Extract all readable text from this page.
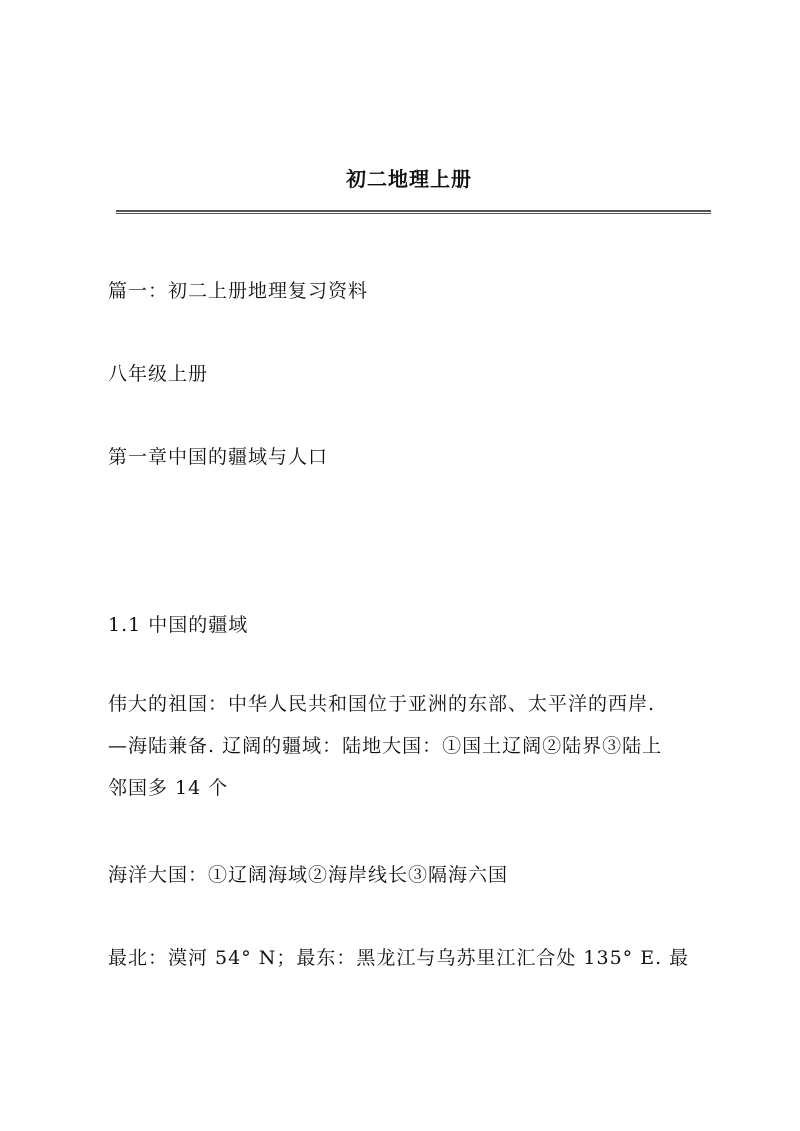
初二地理上册
篇一：初二上册地理复习资料
八年级上册
第一章中国的疆域与人口
1.1 中国的疆域
伟大的祖国：中华人民共和国位于亚洲的东部、太平洋的西岸.
—海陆兼备. 辽阔的疆域：陆地大国：①国土辽阔②陆界③陆上
邻国多 14 个
海洋大国：①辽阔海域②海岸线长③隔海六国
最北：漠河 54° N；最东：黑龙江与乌苏里江汇合处 135° E. 最
